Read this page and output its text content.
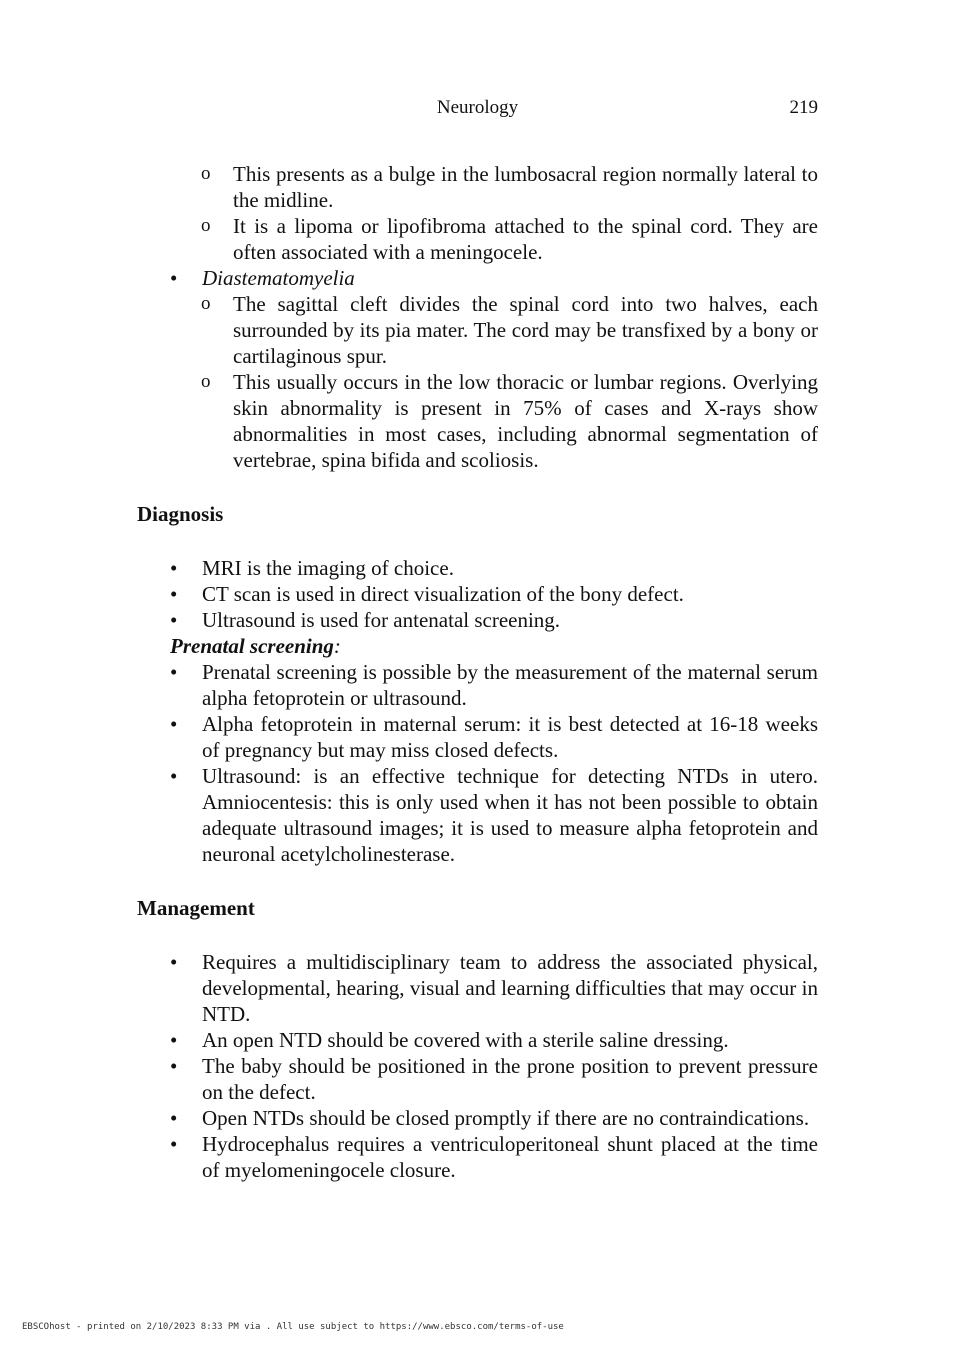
Neurology	219
o This presents as a bulge in the lumbosacral region normally lateral to the midline.
o It is a lipoma or lipofibroma attached to the spinal cord. They are often associated with a meningocele.
• Diastematomyelia
o The sagittal cleft divides the spinal cord into two halves, each surrounded by its pia mater. The cord may be transfixed by a bony or cartilaginous spur.
o This usually occurs in the low thoracic or lumbar regions. Overlying skin abnormality is present in 75% of cases and X-rays show abnormalities in most cases, including abnormal segmentation of vertebrae, spina bifida and scoliosis.
Diagnosis
• MRI is the imaging of choice.
• CT scan is used in direct visualization of the bony defect.
• Ultrasound is used for antenatal screening.
Prenatal screening:
• Prenatal screening is possible by the measurement of the maternal serum alpha fetoprotein or ultrasound.
• Alpha fetoprotein in maternal serum: it is best detected at 16-18 weeks of pregnancy but may miss closed defects.
• Ultrasound: is an effective technique for detecting NTDs in utero. Amniocentesis: this is only used when it has not been possible to obtain adequate ultrasound images; it is used to measure alpha fetoprotein and neuronal acetylcholinesterase.
Management
• Requires a multidisciplinary team to address the associated physical, developmental, hearing, visual and learning difficulties that may occur in NTD.
• An open NTD should be covered with a sterile saline dressing.
• The baby should be positioned in the prone position to prevent pressure on the defect.
• Open NTDs should be closed promptly if there are no contraindications.
• Hydrocephalus requires a ventriculoperitoneal shunt placed at the time of myelomeningocele closure.
EBSCOhost - printed on 2/10/2023 8:33 PM via . All use subject to https://www.ebsco.com/terms-of-use
